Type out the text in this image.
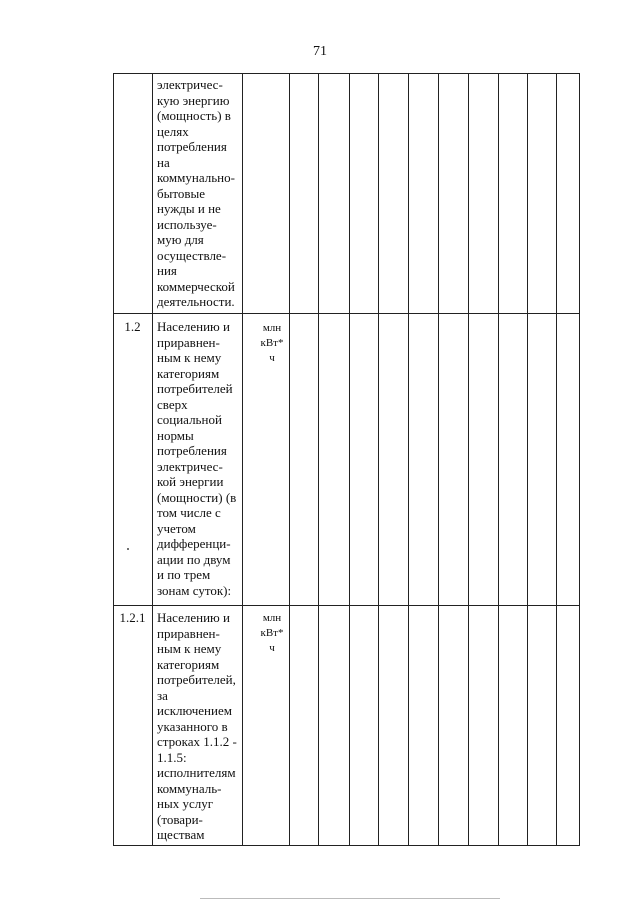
71
электричес-
кую энергию
(мощность) в
целях
потребления
на
коммунально-
бытовые
нужды и не
используе-
мую для
осуществле-
ния
коммерческой
деятельности.
1.2	Населению и
приравнен-
ным к нему
категориям
потребителей
сверх
социальной
нормы
потребления
электричес-
кой энергии
(мощности) (в
том числе с
учетом
дифференци-
ации по двум
и по трем
зонам суток):
млн
кВт*
ч
1.2.1 Населению и
приравнен-
ным к нему
категориям
потребителей,
за
исключением
указанного в
строках 1.1.2 -
1.1.5:
исполнителям
коммуналь-
ных услуг
(товари-
ществам
млн
кВт*
ч
